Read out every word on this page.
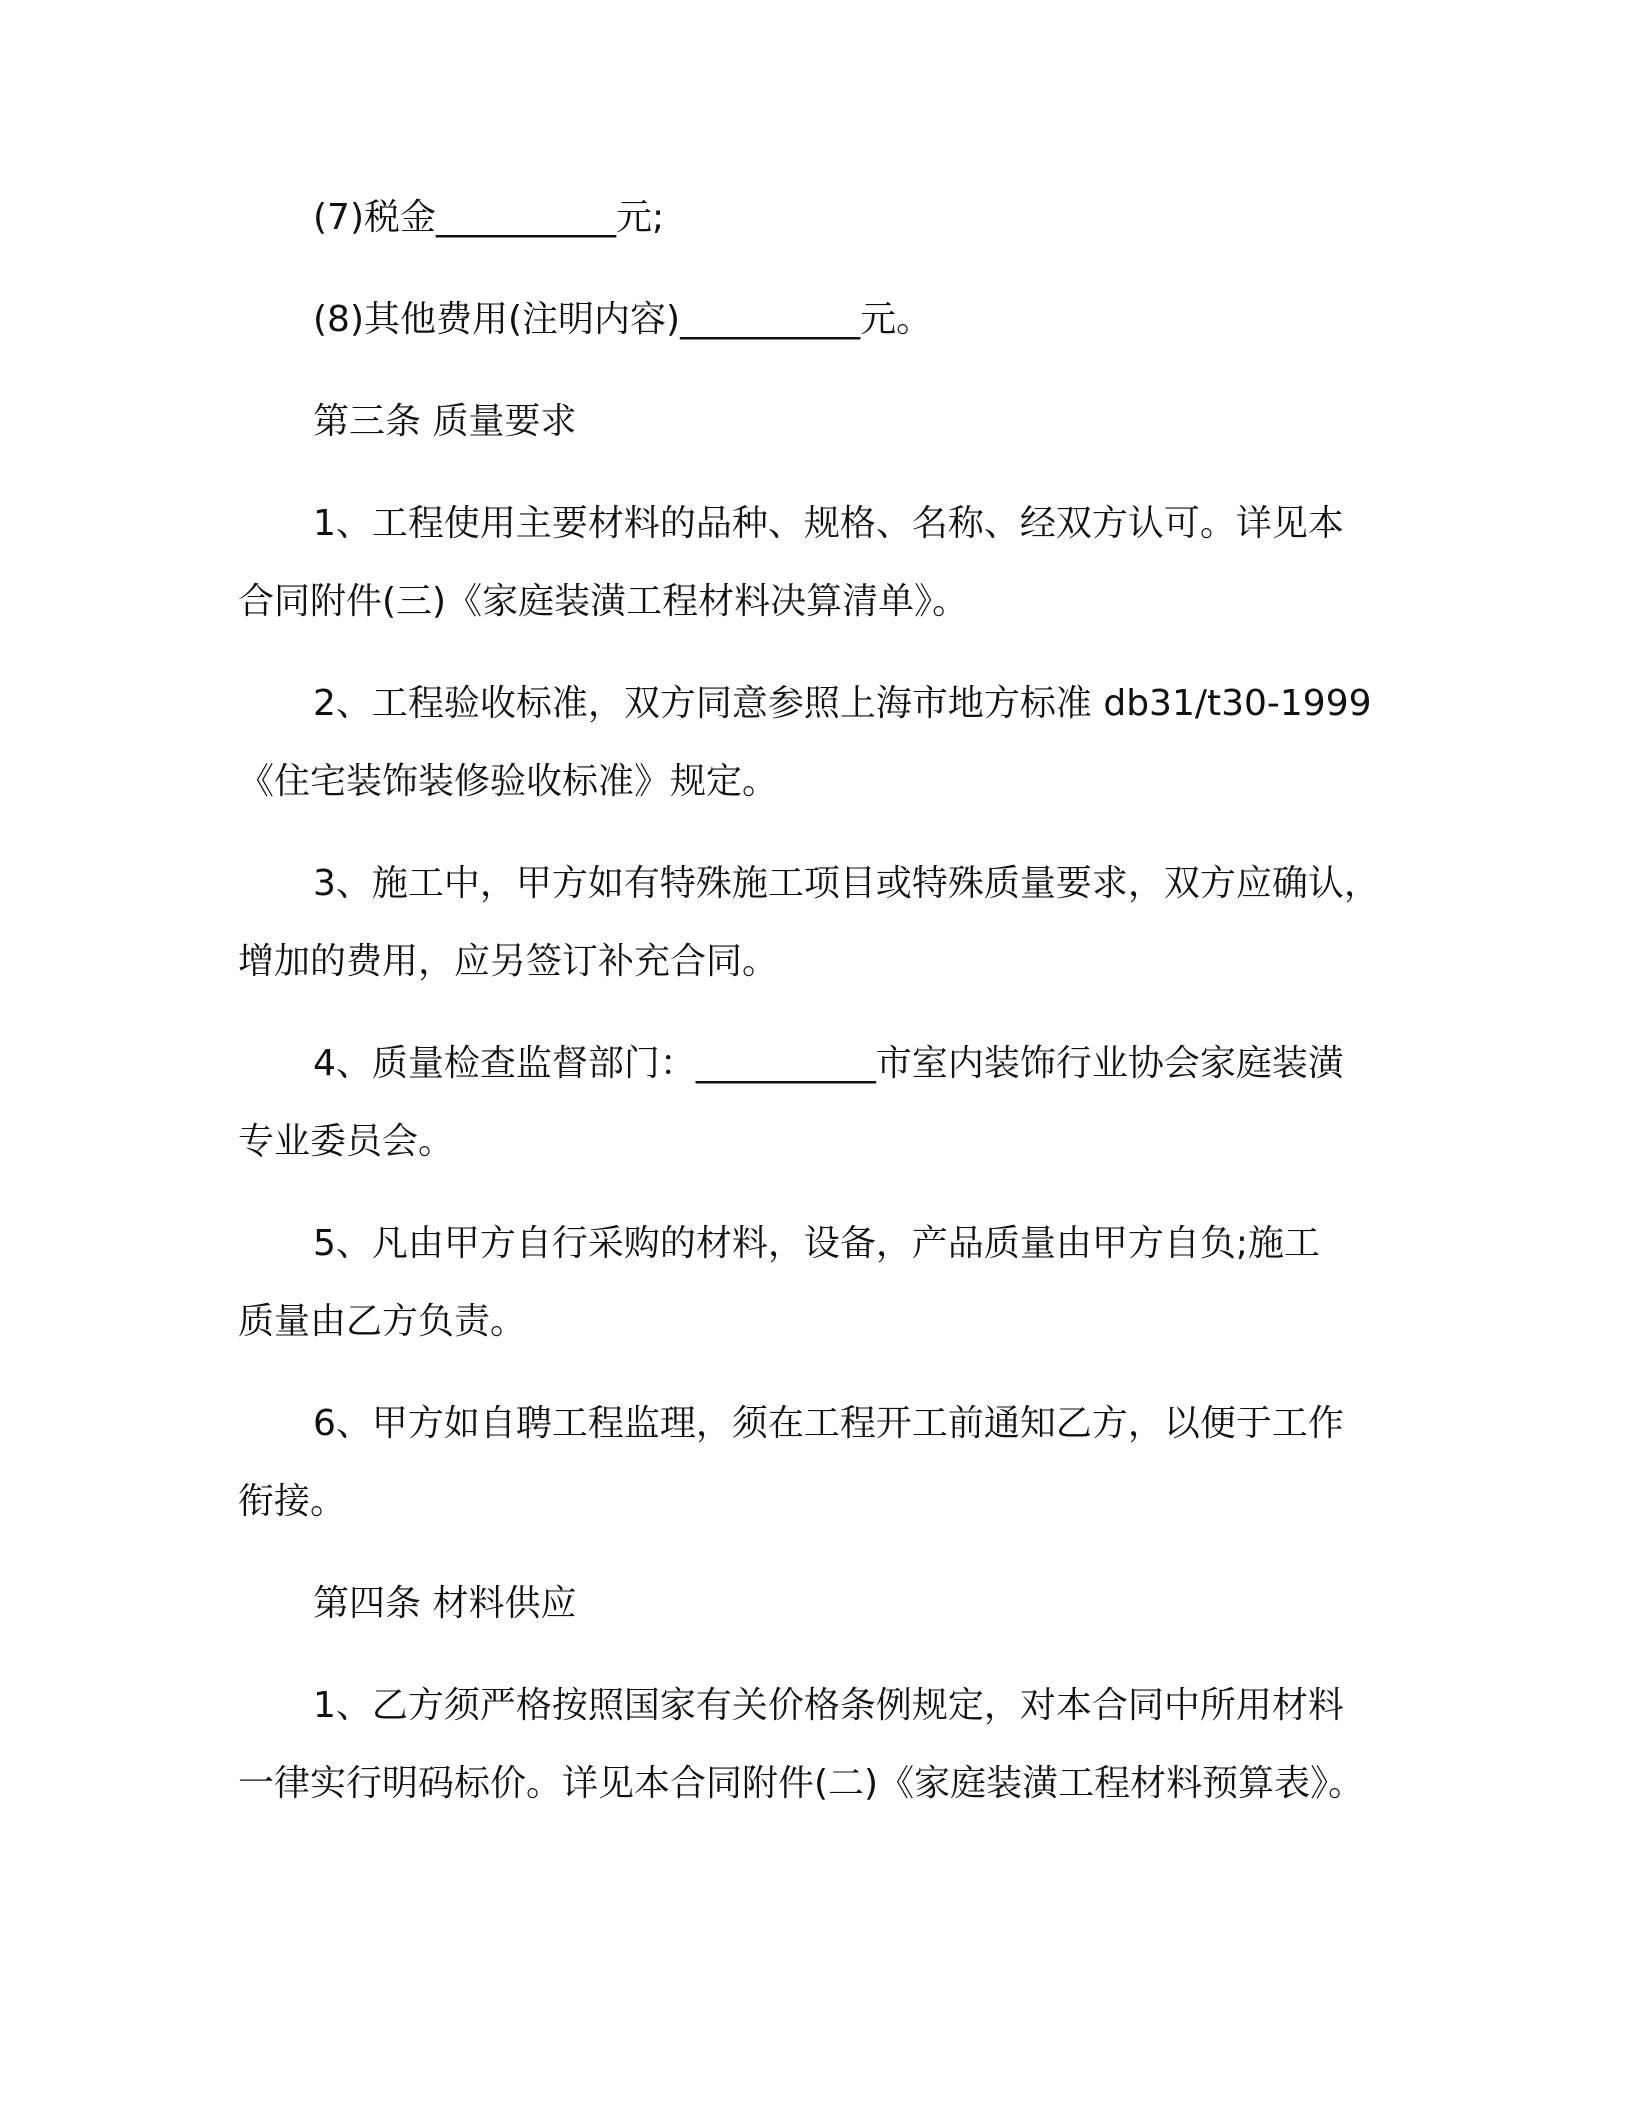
(7)税金__________元;
(8)其他费用(注明内容)__________元。
第三条 质量要求
1、工程使用主要材料的品种、规格、名称、经双方认可。详见本
合同附件(三)《家庭装潢工程材料决算清单》。
2、工程验收标准，双方同意参照上海市地方标准 db31/t30-1999
《住宅装饰装修验收标准》规定。
3、施工中，甲方如有特殊施工项目或特殊质量要求，双方应确认，
增加的费用，应另签订补充合同。
4、质量检查监督部门：__________市室内装饰行业协会家庭装潢
专业委员会。
5、凡由甲方自行采购的材料，设备，产品质量由甲方自负;施工
质量由乙方负责。
6、甲方如自聘工程监理，须在工程开工前通知乙方，以便于工作
衔接。
第四条 材料供应
1、乙方须严格按照国家有关价格条例规定，对本合同中所用材料
一律实行明码标价。详见本合同附件(二)《家庭装潢工程材料预算表》。
